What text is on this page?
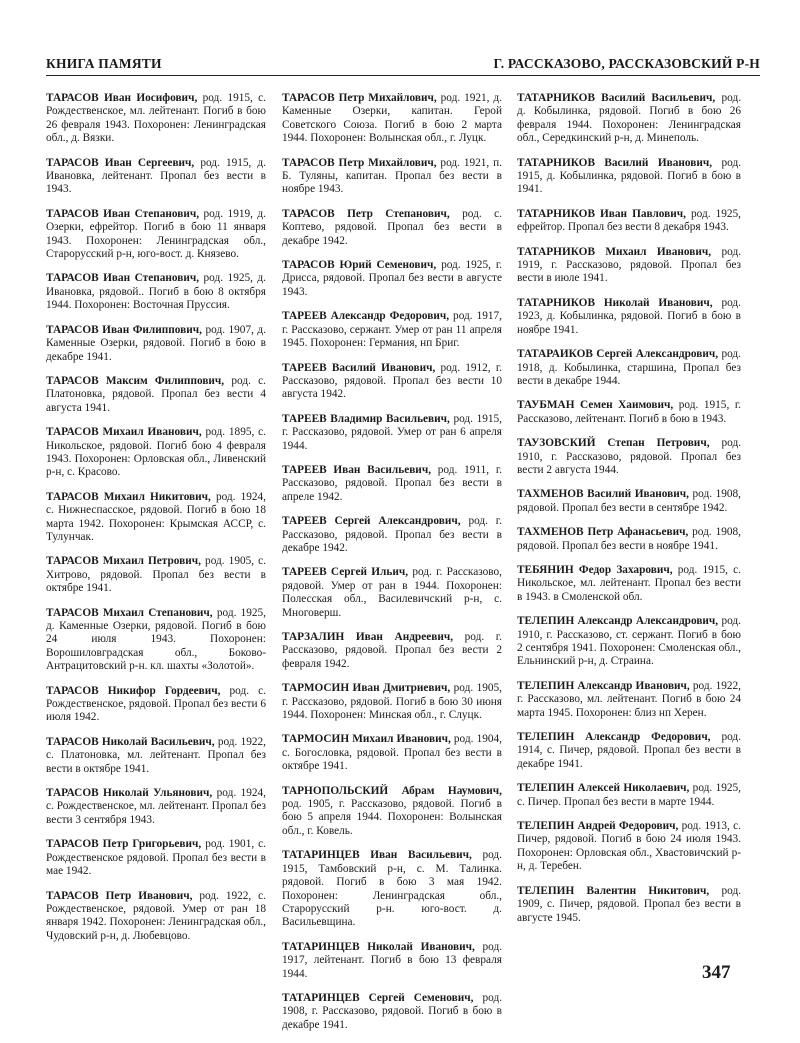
КНИГА ПАМЯТИ	Г. РАССКАЗОВО, РАССКАЗОВСКИЙ Р-Н

ТАРАСОВ Иван Иосифович, род. 1915, с. Рождественское, мл. лейтенант. Погиб в бою 26 февраля 1943. Похоронен: Ленинградская обл., д. Вязки.

ТАРАСОВ Иван Сергеевич, род. 1915, д. Ивановка, лейтенант. Пропал без вести в 1943.

ТАРАСОВ Иван Степанович, род. 1919, д. Озерки, ефрейтор. Погиб в бою 11 января 1943. Похоронен: Ленинградская обл., Старорусский р-н, юго-вост. д. Князево.

ТАРАСОВ Иван Степанович, род. 1925, д. Ивановка, рядовой.. Погиб в бою 8 октября 1944. Похоронен: Восточная Пруссия.

ТАРАСОВ Иван Филиппович, род. 1907, д. Каменные Озерки, рядовой. Погиб в бою в декабре 1941.

ТАРАСОВ Максим Филиппович, род. с. Платоновка, рядовой. Пропал без вести 4 августа 1941.

ТАРАСОВ Михаил Иванович, род. 1895, с. Никольское, рядовой. Погиб бою 4 февраля 1943. Похоронен: Орловская обл., Ливенский р-н, с. Красово.

ТАРАСОВ Михаил Никитович, род. 1924, с. Нижнеспасское, рядовой. Погиб в бою 18 марта 1942. Похоронен: Крымская АССР, с. Тулунчак.

ТАРАСОВ Михаил Петрович, род. 1905, с. Хитрово, рядовой. Пропал без вести в октябре 1941.

ТАРАСОВ Михаил Степанович, род. 1925, д. Каменные Озерки, рядовой. Погиб в бою 24 июля 1943. Похоронен: Ворошиловградская обл., Боково-Антрацитовский р-н. кл. шахты «Золотой».

ТАРАСОВ Никифор Гордеевич, род. с. Рождественское, рядовой. Пропал без вести 6 июля 1942.

ТАРАСОВ Николай Васильевич, род. 1922, с. Платоновка, мл. лейтенант. Пропал без вести в октябре 1941.

ТАРАСОВ Николай Ульянович, род. 1924, с. Рождественское, мл. лейтенант. Пропал без вести 3 сентября 1943.

ТАРАСОВ Петр Григорьевич, род. 1901, с. Рождественское рядовой. Пропал без вести в мае 1942.

ТАРАСОВ Петр Иванович, род. 1922, с. Рождественское, рядовой. Умер от ран 18 января 1942. Похоронен: Ленинградская обл., Чудовский р-н, д. Любевцово.

ТАРАСОВ Петр Михайлович, род. 1921, д. Каменные Озерки, капитан. Герой Советского Союза. Погиб в бою 2 марта 1944. Похоронен: Волынская обл., г. Луцк.

ТАРАСОВ Петр Михайлович, род. 1921, п. Б. Туляны, капитан. Пропал без вести в ноябре 1943.

ТАРАСОВ Петр Степанович, род. с. Коптево, рядовой. Пропал без вести в декабре 1942.

ТАРАСОВ Юрий Семенович, род. 1925, г. Дрисса, рядовой. Пропал без вести в августе 1943.

ТАРЕЕВ Александр Федорович, род. 1917, г. Рассказово, сержант. Умер от ран 11 апреля 1945. Похоронен: Германия, нп Бриг.

ТАРЕЕВ Василий Иванович, род. 1912, г. Рассказово, рядовой. Пропал без вести 10 августа 1942.

ТАРЕЕВ Владимир Васильевич, род. 1915, г. Рассказово, рядовой. Умер от ран 6 апреля 1944.

ТАРЕЕВ Иван Васильевич, род. 1911, г. Рассказово, рядовой. Пропал без вести в апреле 1942.

ТАРЕЕВ Сергей Александрович, род. г. Рассказово, рядовой. Пропал без вести в декабре 1942.

ТАРЕЕВ Сергей Ильич, род. г. Рассказово, рядовой. Умер от ран в 1944. Похоронен: Полесская обл., Василевичский р-н, с. Многоверш.

ТАРЗАЛИН Иван Андреевич, род. г. Рассказово, рядовой. Пропал без вести 2 февраля 1942.

ТАРМОСИН Иван Дмитриевич, род. 1905, г. Рассказово, рядовой. Погиб в бою 30 июня 1944. Похоронен: Минская обл., г. Слуцк.

ТАРМОСИН Михаил Иванович, род. 1904, с. Богословка, рядовой. Пропал без вести в октябре 1941.

ТАРНОПОЛЬСКИЙ Абрам Наумович, род. 1905, г. Рассказово, рядовой. Погиб в бою 5 апреля 1944. Похоронен: Волынская обл., г. Ковель.

ТАТАРИНЦЕВ Иван Васильевич, род. 1915, Тамбовский р-н, с. М. Талинка. рядовой. Погиб в бою 3 мая 1942. Похоронен: Ленинградская обл., Старорусский р-н. юго-вост. д. Васильевщина.

ТАТАРИНЦЕВ Николай Иванович, род. 1917, лейтенант. Погиб в бою 13 февраля 1944.

ТАТАРИНЦЕВ Сергей Семенович, род. 1908, г. Рассказово, рядовой. Погиб в бою в декабре 1941.

ТАТАРНИКОВ Василий Васильевич, род. д. Кобылинка, рядовой. Погиб в бою 26 февраля 1944. Похоронен: Ленинградская обл., Середкинский р-н, д. Минеполь.

ТАТАРНИКОВ Василий Иванович, род. 1915, д. Кобылинка, рядовой. Погиб в бою в 1941.

ТАТАРНИКОВ Иван Павлович, род. 1925, ефрейтор. Пропал без вести 8 декабря 1943.

ТАТАРНИКОВ Михаил Иванович, род. 1919, г. Рассказово, рядовой. Пропал без вести в июле 1941.

ТАТАРНИКОВ Николай Иванович, род. 1923, д. Кобылинка, рядовой. Погиб в бою в ноябре 1941.

ТАТАРАИКОВ Сергей Александрович, род. 1918, д. Кобылинка, старшина, Пропал без вести в декабре 1944.

ТАУБМАН Семен Хаимович, род. 1915, г. Рассказово, лейтенант. Погиб в бою в 1943.

ТАУЗОВСКИЙ Степан Петрович, род. 1910, г. Рассказово, рядовой. Пропал без вести 2 августа 1944.

ТАХМЕНОВ Василий Иванович, род. 1908, рядовой. Пропал без вести в сентябре 1942.

ТАХМЕНОВ Петр Афанасьевич, род. 1908, рядовой. Пропал без вести в ноябре 1941.

ТЕБЯНИН Федор Захарович, род. 1915, с. Никольское, мл. лейтенант. Пропал без вести в 1943. в Смоленской обл.

ТЕЛЕПИН Александр Александрович, род. 1910, г. Рассказово, ст. сержант. Погиб в бою 2 сентября 1941. Похоронен: Смоленская обл., Ельнинский р-н, д. Страина.

ТЕЛЕПИН Александр Иванович, род. 1922, г. Рассказово, мл. лейтенант. Погиб в бою 24 марта 1945. Похоронен: близ нп Херен.

ТЕЛЕПИН Александр Федорович, род. 1914, с. Пичер, рядовой. Пропал без вести в декабре 1941.

ТЕЛЕПИН Алексей Николаевич, род. 1925, с. Пичер. Пропал без вести в марте 1944.

ТЕЛЕПИН Андрей Федорович, род. 1913, с. Пичер, рядовой. Погиб в бою 24 июля 1943. Похоронен: Орловская обл., Хвастовичский р-н, д. Теребен.

ТЕЛЕПИН Валентин Никитович, род. 1909, с. Пичер, рядовой. Пропал без вести в августе 1945.

347
